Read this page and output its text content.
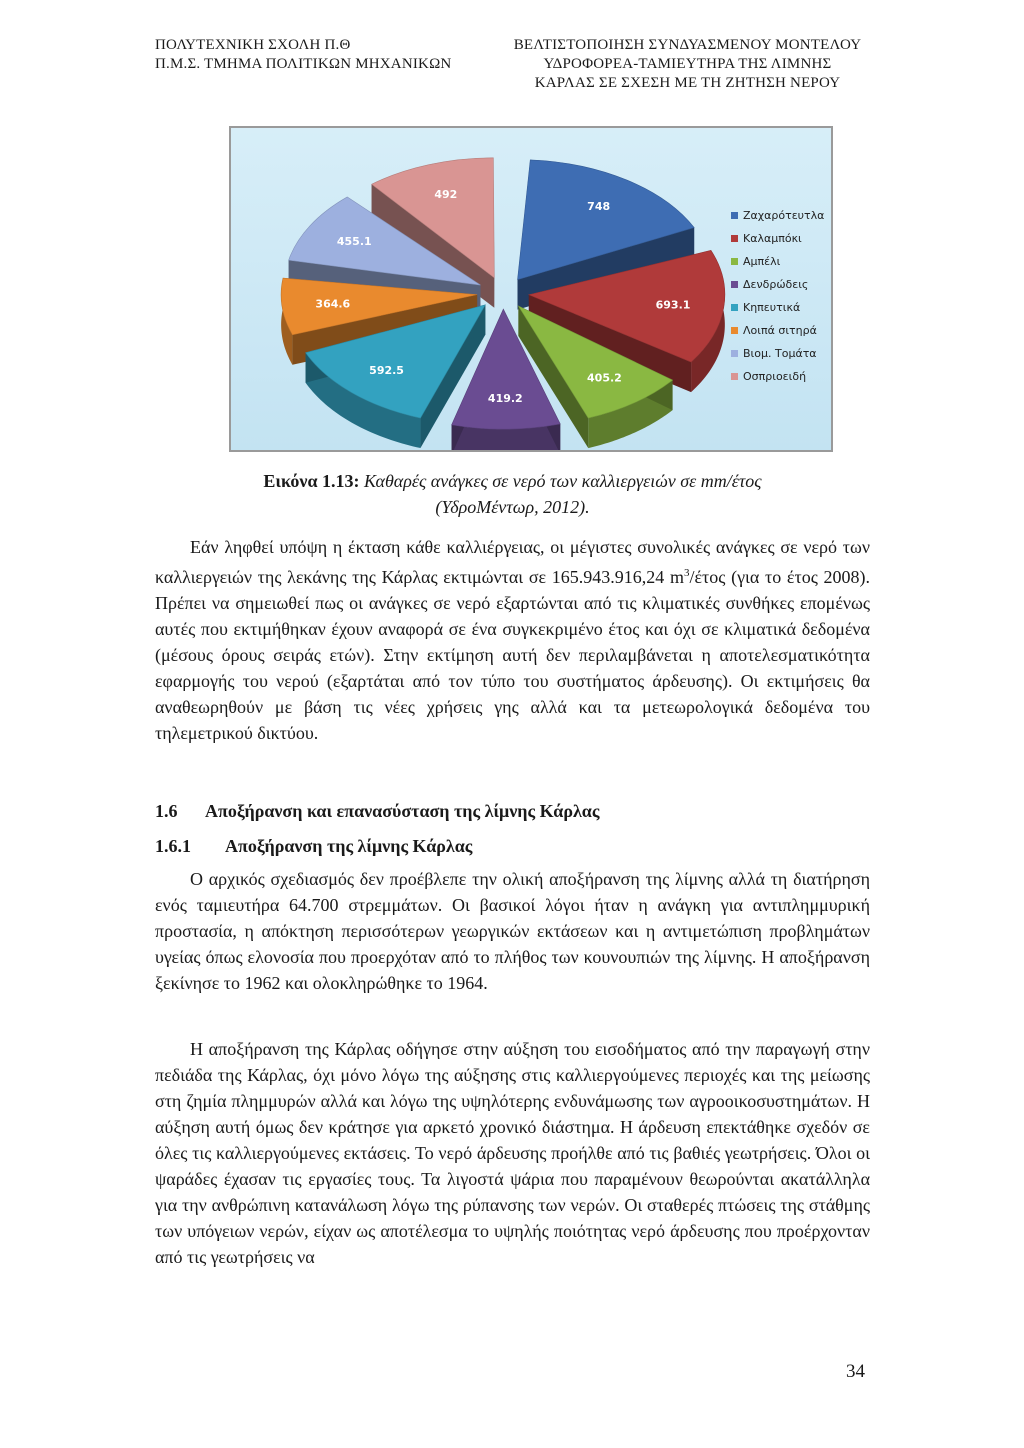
ΠΟΛΥΤΕΧΝΙΚΗ ΣΧΟΛΗ Π.Θ
Π.Μ.Σ. ΤΜΗΜΑ ΠΟΛΙΤΙΚΩΝ ΜΗΧΑΝΙΚΩΝ
ΒΕΛΤΙΣΤΟΠΟΙΗΣΗ ΣΥΝΔΥΑΣΜΕΝΟΥ ΜΟΝΤΕΛΟΥ
ΥΔΡΟΦΟΡΕΑ-ΤΑΜΙΕΥΤΗΡΑ ΤΗΣ ΛΙΜΝΗΣ
ΚΑΡΛΑΣ ΣΕ ΣΧΕΣΗ ΜΕ ΤΗ ΖΗΤΗΣΗ ΝΕΡΟΥ
748
693.1
405.2
419.2
592.5
364.6
455.1
492
Ζαχαρότευτλα
Καλαμπόκι
Αμπέλι
Δενδρώδεις
Κηπευτικά
Λοιπά σιτηρά
Βιομ. Τομάτα
Οσπριοειδή
Εικόνα 1.13: Καθαρές ανάγκες σε νερό των καλλιεργειών σε mm/έτος
(ΥδροΜέντωρ, 2012).

Εάν ληφθεί υπόψη η έκταση κάθε καλλιέργειας, οι μέγιστες συνολικές ανάγκες σε νερό των καλλιεργειών της λεκάνης της Κάρλας εκτιμώνται σε 165.943.916,24 $m^3$/έτος (για το έτος 2008). Πρέπει να σημειωθεί πως οι ανάγκες σε νερό εξαρτώνται από τις κλιματικές συνθήκες επομένως αυτές που εκτιμήθηκαν έχουν αναφορά σε ένα συγκεκριμένο έτος και όχι σε κλιματικά δεδομένα (μέσους όρους σειράς ετών). Στην εκτίμηση αυτή δεν περιλαμβάνεται η αποτελεσματικότητα εφαρμογής του νερού (εξαρτάται από τον τύπο του συστήματος άρδευσης). Οι εκτιμήσεις θα αναθεωρηθούν με βάση τις νέες χρήσεις γης αλλά και τα μετεωρολογικά δεδομένα του τηλεμετρικού δικτύου.

1.6 Αποξήρανση και επανασύσταση της λίμνης Κάρλας
1.6.1 Αποξήρανση της λίμνης Κάρλας

Ο αρχικός σχεδιασμός δεν προέβλεπε την ολική αποξήρανση της λίμνης αλλά τη διατήρηση ενός ταμιευτήρα 64.700 στρεμμάτων. Οι βασικοί λόγοι ήταν η ανάγκη για αντιπλημμυρική προστασία, η απόκτηση περισσότερων γεωργικών εκτάσεων και η αντιμετώπιση προβλημάτων υγείας όπως ελονοσία που προερχόταν από το πλήθος των κουνουπιών της λίμνης. Η αποξήρανση ξεκίνησε το 1962 και ολοκληρώθηκε το 1964.

Η αποξήρανση της Κάρλας οδήγησε στην αύξηση του εισοδήματος από την παραγωγή στην πεδιάδα της Κάρλας, όχι μόνο λόγω της αύξησης στις καλλιεργούμενες περιοχές και της μείωσης στη ζημία πλημμυρών αλλά και λόγω της υψηλότερης ενδυνάμωσης των αγροοικοσυστημάτων. Η αύξηση αυτή όμως δεν κράτησε για αρκετό χρονικό διάστημα. Η άρδευση επεκτάθηκε σχεδόν σε όλες τις καλλιεργούμενες εκτάσεις. Το νερό άρδευσης προήλθε από τις βαθιές γεωτρήσεις. Όλοι οι ψαράδες έχασαν τις εργασίες τους. Τα λιγοστά ψάρια που παραμένουν θεωρούνται ακατάλληλα για την ανθρώπινη κατανάλωση λόγω της ρύπανσης των νερών. Οι σταθερές πτώσεις της στάθμης των υπόγειων νερών, είχαν ως αποτέλεσμα το υψηλής ποιότητας νερό άρδευσης που προέρχονταν από τις γεωτρήσεις να

34
